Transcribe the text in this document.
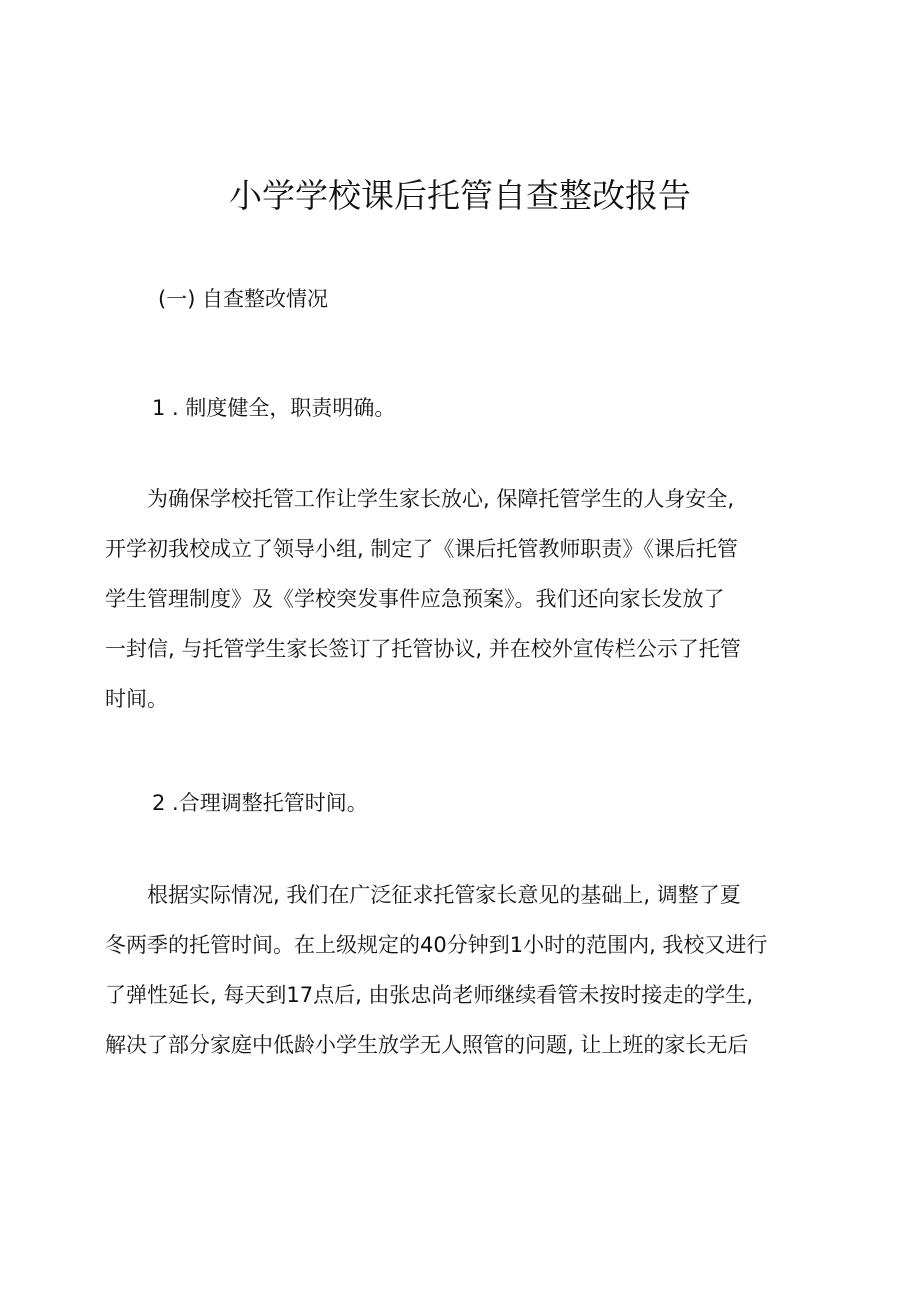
小学学校课后托管自查整改报告

(一) 自查整改情况

1 . 制度健全，职责明确。

为确保学校托管工作让学生家长放心, 保障托管学生的人身安全,
开学初我校成立了领导小组, 制定了《课后托管教师职责》《课后托管
学生管理制度》及《学校突发事件应急预案》。我们还向家长发放了
一封信, 与托管学生家长签订了托管协议, 并在校外宣传栏公示了托管
时间。

2 .合理调整托管时间。

根据实际情况, 我们在广泛征求托管家长意见的基础上, 调整了夏
冬两季的托管时间。在上级规定的40分钟到1小时的范围内, 我校又进行
了弹性延长, 每天到17点后, 由张忠尚老师继续看管未按时接走的学生,
解决了部分家庭中低龄小学生放学无人照管的问题, 让上班的家长无后
